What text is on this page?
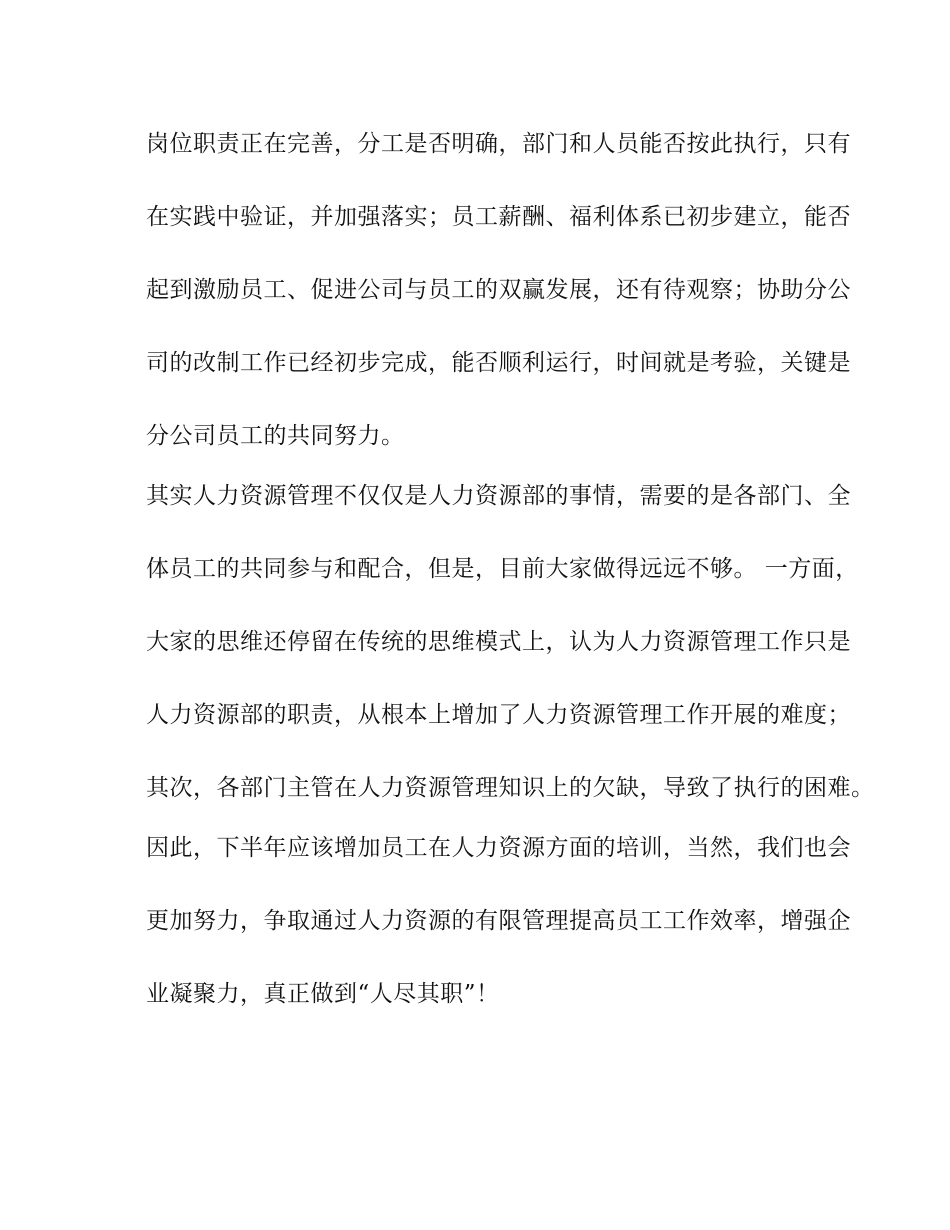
岗位职责正在完善，分工是否明确，部门和人员能否按此执行，只有
在实践中验证，并加强落实；员工薪酬、福利体系已初步建立，能否
起到激励员工、促进公司与员工的双赢发展，还有待观察；协助分公
司的改制工作已经初步完成，能否顺利运行，时间就是考验，关键是
分公司员工的共同努力。
其实人力资源管理不仅仅是人力资源部的事情，需要的是各部门、全
体员工的共同参与和配合，但是，目前大家做得远远不够。 一方面，
大家的思维还停留在传统的思维模式上，认为人力资源管理工作只是
人力资源部的职责，从根本上增加了人力资源管理工作开展的难度；
其次，各部门主管在人力资源管理知识上的欠缺，导致了执行的困难。
因此，下半年应该增加员工在人力资源方面的培训，当然，我们也会
更加努力，争取通过人力资源的有限管理提高员工工作效率，增强企
业凝聚力，真正做到“人尽其职”！
